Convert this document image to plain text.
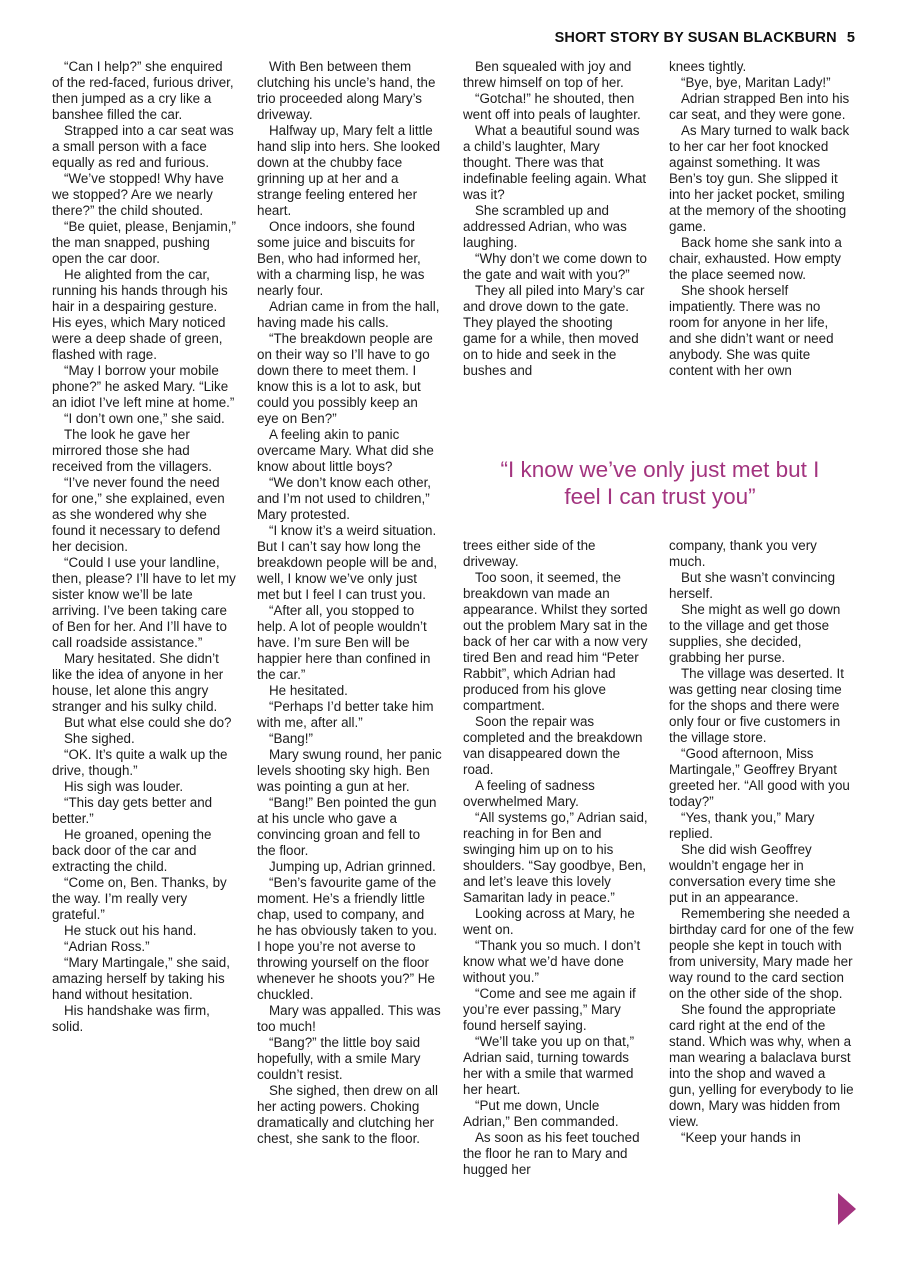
SHORT STORY BY SUSAN BLACKBURN 5

“Can I help?” she enquired of the red-faced, furious driver, then jumped as a cry like a banshee filled the car.

Strapped into a car seat was a small person with a face equally as red and furious.

“We’ve stopped! Why have we stopped? Are we nearly there?” the child shouted.

“Be quiet, please, Benjamin,” the man snapped, pushing open the car door.

He alighted from the car, running his hands through his hair in a despairing gesture. His eyes, which Mary noticed were a deep shade of green, flashed with rage.

“May I borrow your mobile phone?” he asked Mary. “Like an idiot I’ve left mine at home.”

“I don’t own one,” she said.

The look he gave her mirrored those she had received from the villagers.

“I’ve never found the need for one,” she explained, even as she wondered why she found it necessary to defend her decision.

“Could I use your landline, then, please? I’ll have to let my sister know we’ll be late arriving. I’ve been taking care of Ben for her. And I’ll have to call roadside assistance.”

Mary hesitated. She didn’t like the idea of anyone in her house, let alone this angry stranger and his sulky child.

But what else could she do?

She sighed.

“OK. It’s quite a walk up the drive, though.”

His sigh was louder.

“This day gets better and better.”

He groaned, opening the back door of the car and extracting the child.

“Come on, Ben. Thanks, by the way. I’m really very grateful.”

He stuck out his hand.

“Adrian Ross.”

“Mary Martingale,” she said, amazing herself by taking his hand without hesitation.

His handshake was firm, solid.

With Ben between them clutching his uncle’s hand, the trio proceeded along Mary’s driveway.

Halfway up, Mary felt a little hand slip into hers. She looked down at the chubby face grinning up at her and a strange feeling entered her heart.

Once indoors, she found some juice and biscuits for Ben, who had informed her, with a charming lisp, he was nearly four.

Adrian came in from the hall, having made his calls.

“The breakdown people are on their way so I’ll have to go down there to meet them. I know this is a lot to ask, but could you possibly keep an eye on Ben?”

A feeling akin to panic overcame Mary. What did she know about little boys?

“We don’t know each other, and I’m not used to children,” Mary protested.

“I know it’s a weird situation. But I can’t say how long the breakdown people will be and, well, I know we’ve only just met but I feel I can trust you.

“After all, you stopped to help. A lot of people wouldn’t have. I’m sure Ben will be happier here than confined in the car.”

He hesitated.

“Perhaps I’d better take him with me, after all.”

“Bang!”

Mary swung round, her panic levels shooting sky high. Ben was pointing a gun at her.

“Bang!” Ben pointed the gun at his uncle who gave a convincing groan and fell to the floor.

Jumping up, Adrian grinned.

“Ben’s favourite game of the moment. He’s a friendly little chap, used to company, and he has obviously taken to you. I hope you’re not averse to throwing yourself on the floor whenever he shoots you?” He chuckled.

Mary was appalled. This was too much!

“Bang?” the little boy said hopefully, with a smile Mary couldn’t resist.

She sighed, then drew on all her acting powers. Choking dramatically and clutching her chest, she sank to the floor.

Ben squealed with joy and threw himself on top of her.

“Gotcha!” he shouted, then went off into peals of laughter.

What a beautiful sound was a child’s laughter, Mary thought. There was that indefinable feeling again. What was it?

She scrambled up and addressed Adrian, who was laughing.

“Why don’t we come down to the gate and wait with you?”

They all piled into Mary’s car and drove down to the gate. They played the shooting game for a while, then moved on to hide and seek in the bushes and

knees tightly.

“Bye, bye, Maritan Lady!”

Adrian strapped Ben into his car seat, and they were gone.

As Mary turned to walk back to her car her foot knocked against something. It was Ben’s toy gun. She slipped it into her jacket pocket, smiling at the memory of the shooting game.

Back home she sank into a chair, exhausted. How empty the place seemed now.

She shook herself impatiently. There was no room for anyone in her life, and she didn’t want or need anybody. She was quite content with her own

“I know we’ve only just met but I
feel I can trust you”

trees either side of the driveway.

Too soon, it seemed, the breakdown van made an appearance. Whilst they sorted out the problem Mary sat in the back of her car with a now very tired Ben and read him “Peter Rabbit”, which Adrian had produced from his glove compartment.

Soon the repair was completed and the breakdown van disappeared down the road.

A feeling of sadness overwhelmed Mary.

“All systems go,” Adrian said, reaching in for Ben and swinging him up on to his shoulders. “Say goodbye, Ben, and let’s leave this lovely Samaritan lady in peace.”

Looking across at Mary, he went on.

“Thank you so much. I don’t know what we’d have done without you.”

“Come and see me again if you’re ever passing,” Mary found herself saying.

“We’ll take you up on that,” Adrian said, turning towards her with a smile that warmed her heart.

“Put me down, Uncle Adrian,” Ben commanded.

As soon as his feet touched the floor he ran to Mary and hugged her

company, thank you very much.

But she wasn’t convincing herself.

She might as well go down to the village and get those supplies, she decided, grabbing her purse.

The village was deserted. It was getting near closing time for the shops and there were only four or five customers in the village store.

“Good afternoon, Miss Martingale,” Geoffrey Bryant greeted her. “All good with you today?”

“Yes, thank you,” Mary replied.

She did wish Geoffrey wouldn’t engage her in conversation every time she put in an appearance.

Remembering she needed a birthday card for one of the few people she kept in touch with from university, Mary made her way round to the card section on the other side of the shop.

She found the appropriate card right at the end of the stand. Which was why, when a man wearing a balaclava burst into the shop and waved a gun, yelling for everybody to lie down, Mary was hidden from view.

“Keep your hands in
